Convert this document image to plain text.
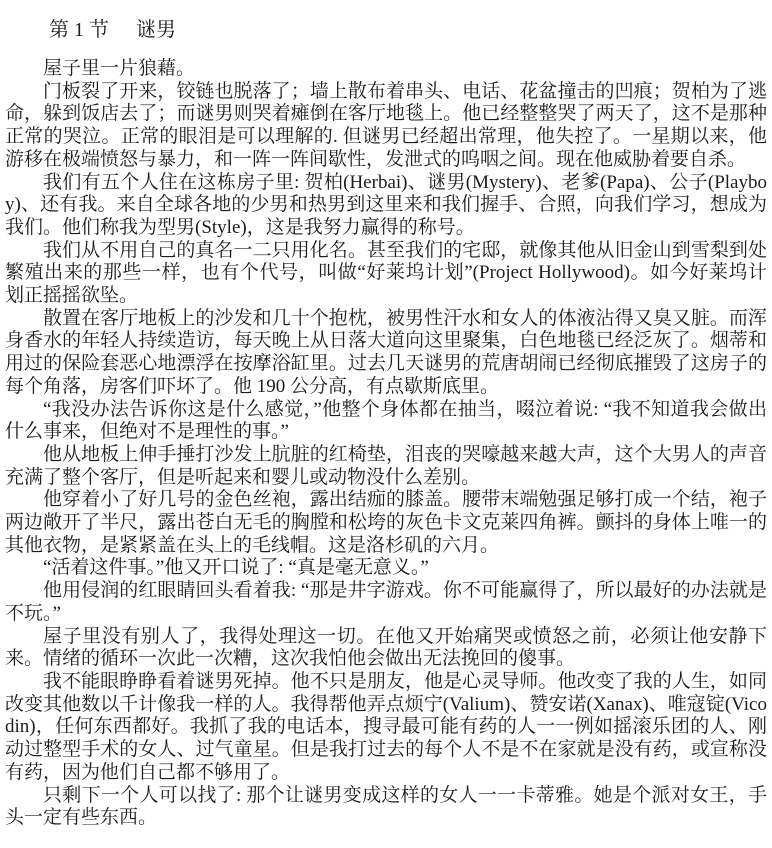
第 1 节 谜男

屋子里一片狼藉。

门板裂了开来，铰链也脱落了；墙上散布着串头、电话、花盆撞击的凹痕；贺柏为了逃命，躲到饭店去了；而谜男则哭着瘫倒在客厅地毯上。他已经整整哭了两天了，这不是那种正常的哭泣。正常的眼泪是可以理解的. 但谜男已经超出常理，他失控了。一星期以来，他游移在极端愤怒与暴力，和一阵一阵间歇性，发泄式的呜咽之间。现在他威胁着要自杀。

我们有五个人住在这栋房子里: 贺柏(Herbai)、谜男(Mystery)、老爹(Papa)、公子(Playboy)、还有我。来自全球各地的少男和热男到这里来和我们握手、合照，向我们学习，想成为我们。他们称我为型男(Style)，这是我努力赢得的称号。

我们从不用自己的真名一二只用化名。甚至我们的宅邸，就像其他从旧金山到雪梨到处繁殖出来的那些一样，也有个代号，叫做“好莱坞计划”(Project Hollywood)。如今好莱坞计划正摇摇欲坠。

散置在客厅地板上的沙发和几十个抱枕，被男性汗水和女人的体液沾得又臭又脏。而浑身香水的年轻人持续造访，每天晚上从日落大道向这里聚集，白色地毯已经泛灰了。烟蒂和用过的保险套恶心地漂浮在按摩浴缸里。过去几天谜男的荒唐胡闹已经彻底摧毁了这房子的每个角落，房客们吓坏了。他 190 公分高，有点歇斯底里。

“我没办法告诉你这是什么感觉，”他整个身体都在抽当，啜泣着说: “我不知道我会做出什么事来，但绝对不是理性的事。”

他从地板上伸手捶打沙发上肮脏的红椅垫，泪丧的哭嚎越来越大声，这个大男人的声音充满了整个客厅，但是听起来和婴儿或动物没什么差别。

他穿着小了好几号的金色丝袍，露出结痂的膝盖。腰带末端勉强足够打成一个结，袍子两边敞开了半尺，露出苍白无毛的胸膛和松垮的灰色卡文克莱四角裤。颤抖的身体上唯一的其他衣物，是紧紧盖在头上的毛线帽。这是洛杉矶的六月。

“活着这件事。”他又开口说了: “真是毫无意义。”

他用侵润的红眼睛回头看着我: “那是井字游戏。你不可能赢得了，所以最好的办法就是不玩。”

屋子里没有别人了，我得处理这一切。在他又开始痛哭或愤怒之前，必须让他安静下来。情绪的循环一次此一次糟，这次我怕他会做出无法挽回的傻事。

我不能眼睁睁看着谜男死掉。他不只是朋友，他是心灵导师。他改变了我的人生，如同改变其他数以千计像我一样的人。我得帮他弄点烦宁(Valium)、赞安诺(Xanax)、唯寇锭(Vicodin)，任何东西都好。我抓了我的电话本，搜寻最可能有药的人一一例如摇滚乐团的人、刚动过整型手术的女人、过气童星。但是我打过去的每个人不是不在家就是没有药，或宣称没有药，因为他们自己都不够用了。

只剩下一个人可以找了: 那个让谜男变成这样的女人一一卡蒂雅。她是个派对女王，手头一定有些东西。
